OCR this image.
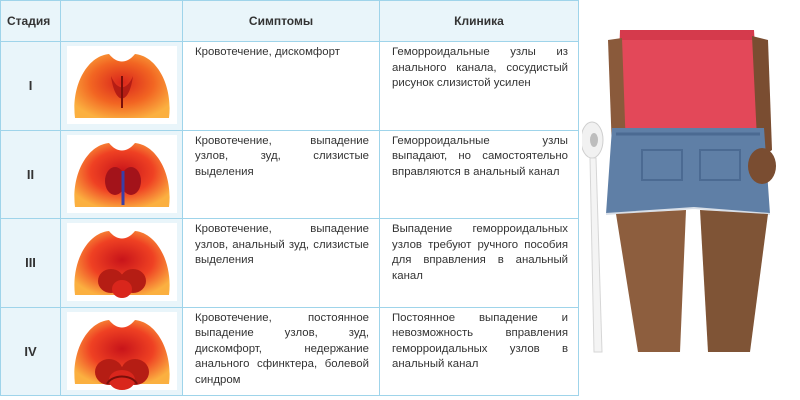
Стадия		Симптомы	Клиника
I		Кровотечение, дискомфорт	Геморроидальные узлы из анального канала, сосудистый рисунок слизистой усилен
II		Кровотечение, выпадение узлов, зуд, слизистые выделения	Геморроидальные узлы выпадают, но самостоятельно вправляются в анальный канал
III		Кровотечение, выпадение узлов, анальный зуд, слизистые выделения	Выпадение геморроидальных узлов требуют ручного пособия для вправления в анальный канал
IV		Кровотечение, постоянное выпадение узлов, зуд, дискомфорт, недержание анального сфинктера, болевой синдром	Постоянное выпадение и невозможность вправления геморроидальных узлов в анальный канал
